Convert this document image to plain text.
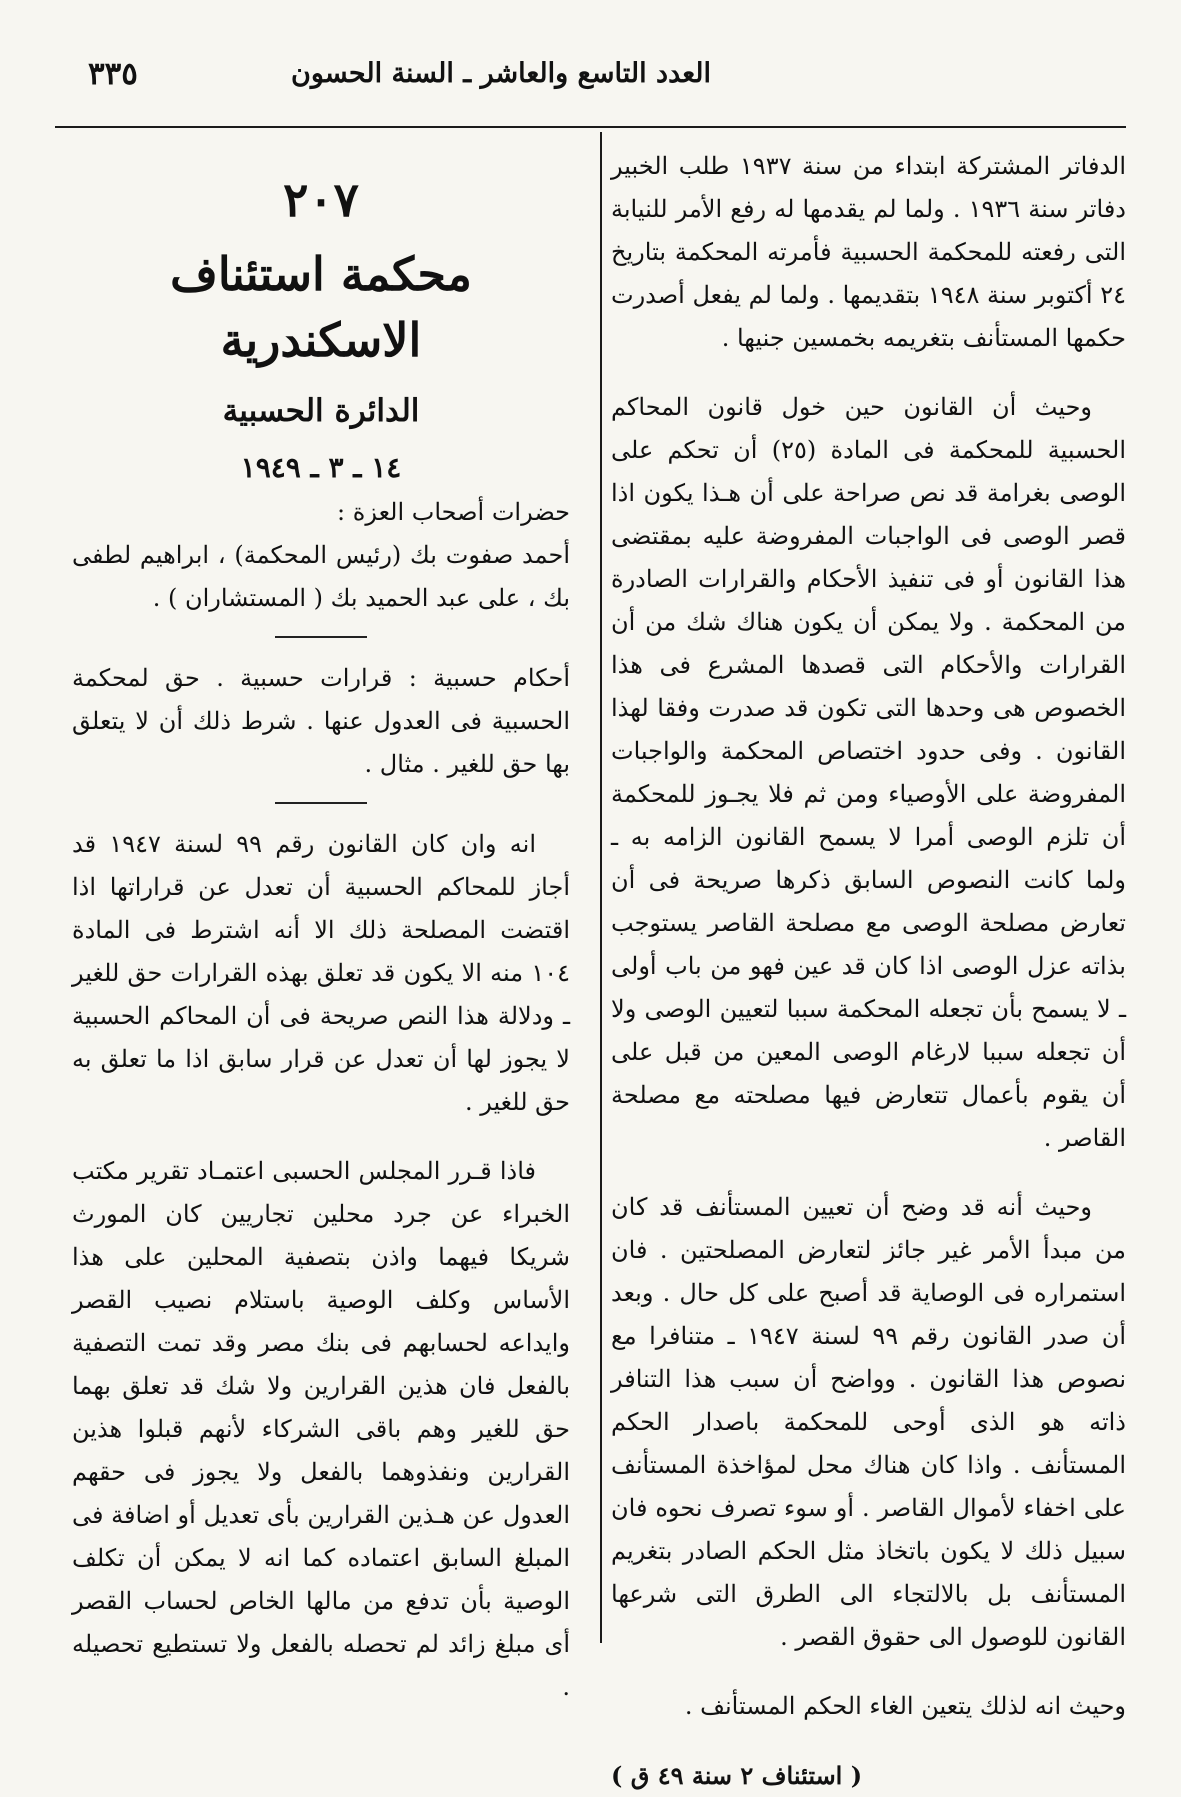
العدد التاسع والعاشر ـ السنة الحسون
٣٣٥

الدفاتر المشتركة ابتداء من سنة ١٩٣٧ طلب الخبير دفاتر سنة ١٩٣٦ . ولما لم يقدمها له رفع الأمر للنيابة التى رفعته للمحكمة الحسبية فأمرته المحكمة بتاريخ ٢٤ أكتوبر سنة ١٩٤٨ بتقديمها . ولما لم يفعل أصدرت حكمها المستأنف بتغريمه بخمسين جنيها .

وحيث أن القانون حين خول قانون المحاكم الحسبية للمحكمة فى المادة (٢٥) أن تحكم على الوصى بغرامة قد نص صراحة على أن هـذا يكون اذا قصر الوصى فى الواجبات المفروضة عليه بمقتضى هذا القانون أو فى تنفيذ الأحكام والقرارات الصادرة من المحكمة . ولا يمكن أن يكون هناك شك من أن القرارات والأحكام التى قصدها المشرع فى هذا الخصوص هى وحدها التى تكون قد صدرت وفقا لهذا القانون . وفى حدود اختصاص المحكمة والواجبات المفروضة على الأوصياء ومن ثم فلا يجـوز للمحكمة أن تلزم الوصى أمرا لا يسمح القانون الزامه به ـ ولما كانت النصوص السابق ذكرها صريحة فى أن تعارض مصلحة الوصى مع مصلحة القاصر يستوجب بذاته عزل الوصى اذا كان قد عين فهو من باب أولى ـ لا يسمح بأن تجعله المحكمة سببا لتعيين الوصى ولا أن تجعله سببا لارغام الوصى المعين من قبل على أن يقوم بأعمال تتعارض فيها مصلحته مع مصلحة القاصر .

وحيث أنه قد وضح أن تعيين المستأنف قد كان من مبدأ الأمر غير جائز لتعارض المصلحتين . فان استمراره فى الوصاية قد أصبح على كل حال . وبعد أن صدر القانون رقم ٩٩ لسنة ١٩٤٧ ـ متنافرا مع نصوص هذا القانون . وواضح أن سبب هذا التنافر ذاته هو الذى أوحى للمحكمة باصدار الحكم المستأنف . واذا كان هناك محل لمؤاخذة المستأنف على اخفاء لأموال القاصر . أو سوء تصرف نحوه فان سبيل ذلك لا يكون باتخاذ مثل الحكم الصادر بتغريم المستأنف بل بالالتجاء الى الطرق التى شرعها القانون للوصول الى حقوق القصر .

وحيث انه لذلك يتعين الغاء الحكم المستأنف .

( استئناف ٢ سنة ٤٩ ق )

٢٠٧
محكمة استئناف الاسكندرية
الدائرة الحسبية
١٤ ـ ٣ ـ ١٩٤٩

حضرات أصحاب العزة :

أحمد صفوت بك (رئيس المحكمة) ، ابراهيم لطفى بك ، على عبد الحميد بك ( المستشاران ) .

أحكام حسبية : قرارات حسبية . حق لمحكمة الحسبية فى العدول عنها . شرط ذلك أن لا يتعلق بها حق للغير . مثال .

انه وان كان القانون رقم ٩٩ لسنة ١٩٤٧ قد أجاز للمحاكم الحسبية أن تعدل عن قراراتها اذا اقتضت المصلحة ذلك الا أنه اشترط فى المادة ١٠٤ منه الا يكون قد تعلق بهذه القرارات حق للغير ـ ودلالة هذا النص صريحة فى أن المحاكم الحسبية لا يجوز لها أن تعدل عن قرار سابق اذا ما تعلق به حق للغير .

فاذا قـرر المجلس الحسبى اعتمـاد تقرير مكتب الخبراء عن جرد محلين تجاريين كان المورث شريكا فيهما واذن بتصفية المحلين على هذا الأساس وكلف الوصية باستلام نصيب القصر وايداعه لحسابهم فى بنك مصر وقد تمت التصفية بالفعل فان هذين القرارين ولا شك قد تعلق بهما حق للغير وهم باقى الشركاء لأنهم قبلوا هذين القرارين ونفذوهما بالفعل ولا يجوز فى حقهم العدول عن هـذين القرارين بأى تعديل أو اضافة فى المبلغ السابق اعتماده كما انه لا يمكن أن تكلف الوصية بأن تدفع من مالها الخاص لحساب القصر أى مبلغ زائد لم تحصله بالفعل ولا تستطيع تحصيله .
